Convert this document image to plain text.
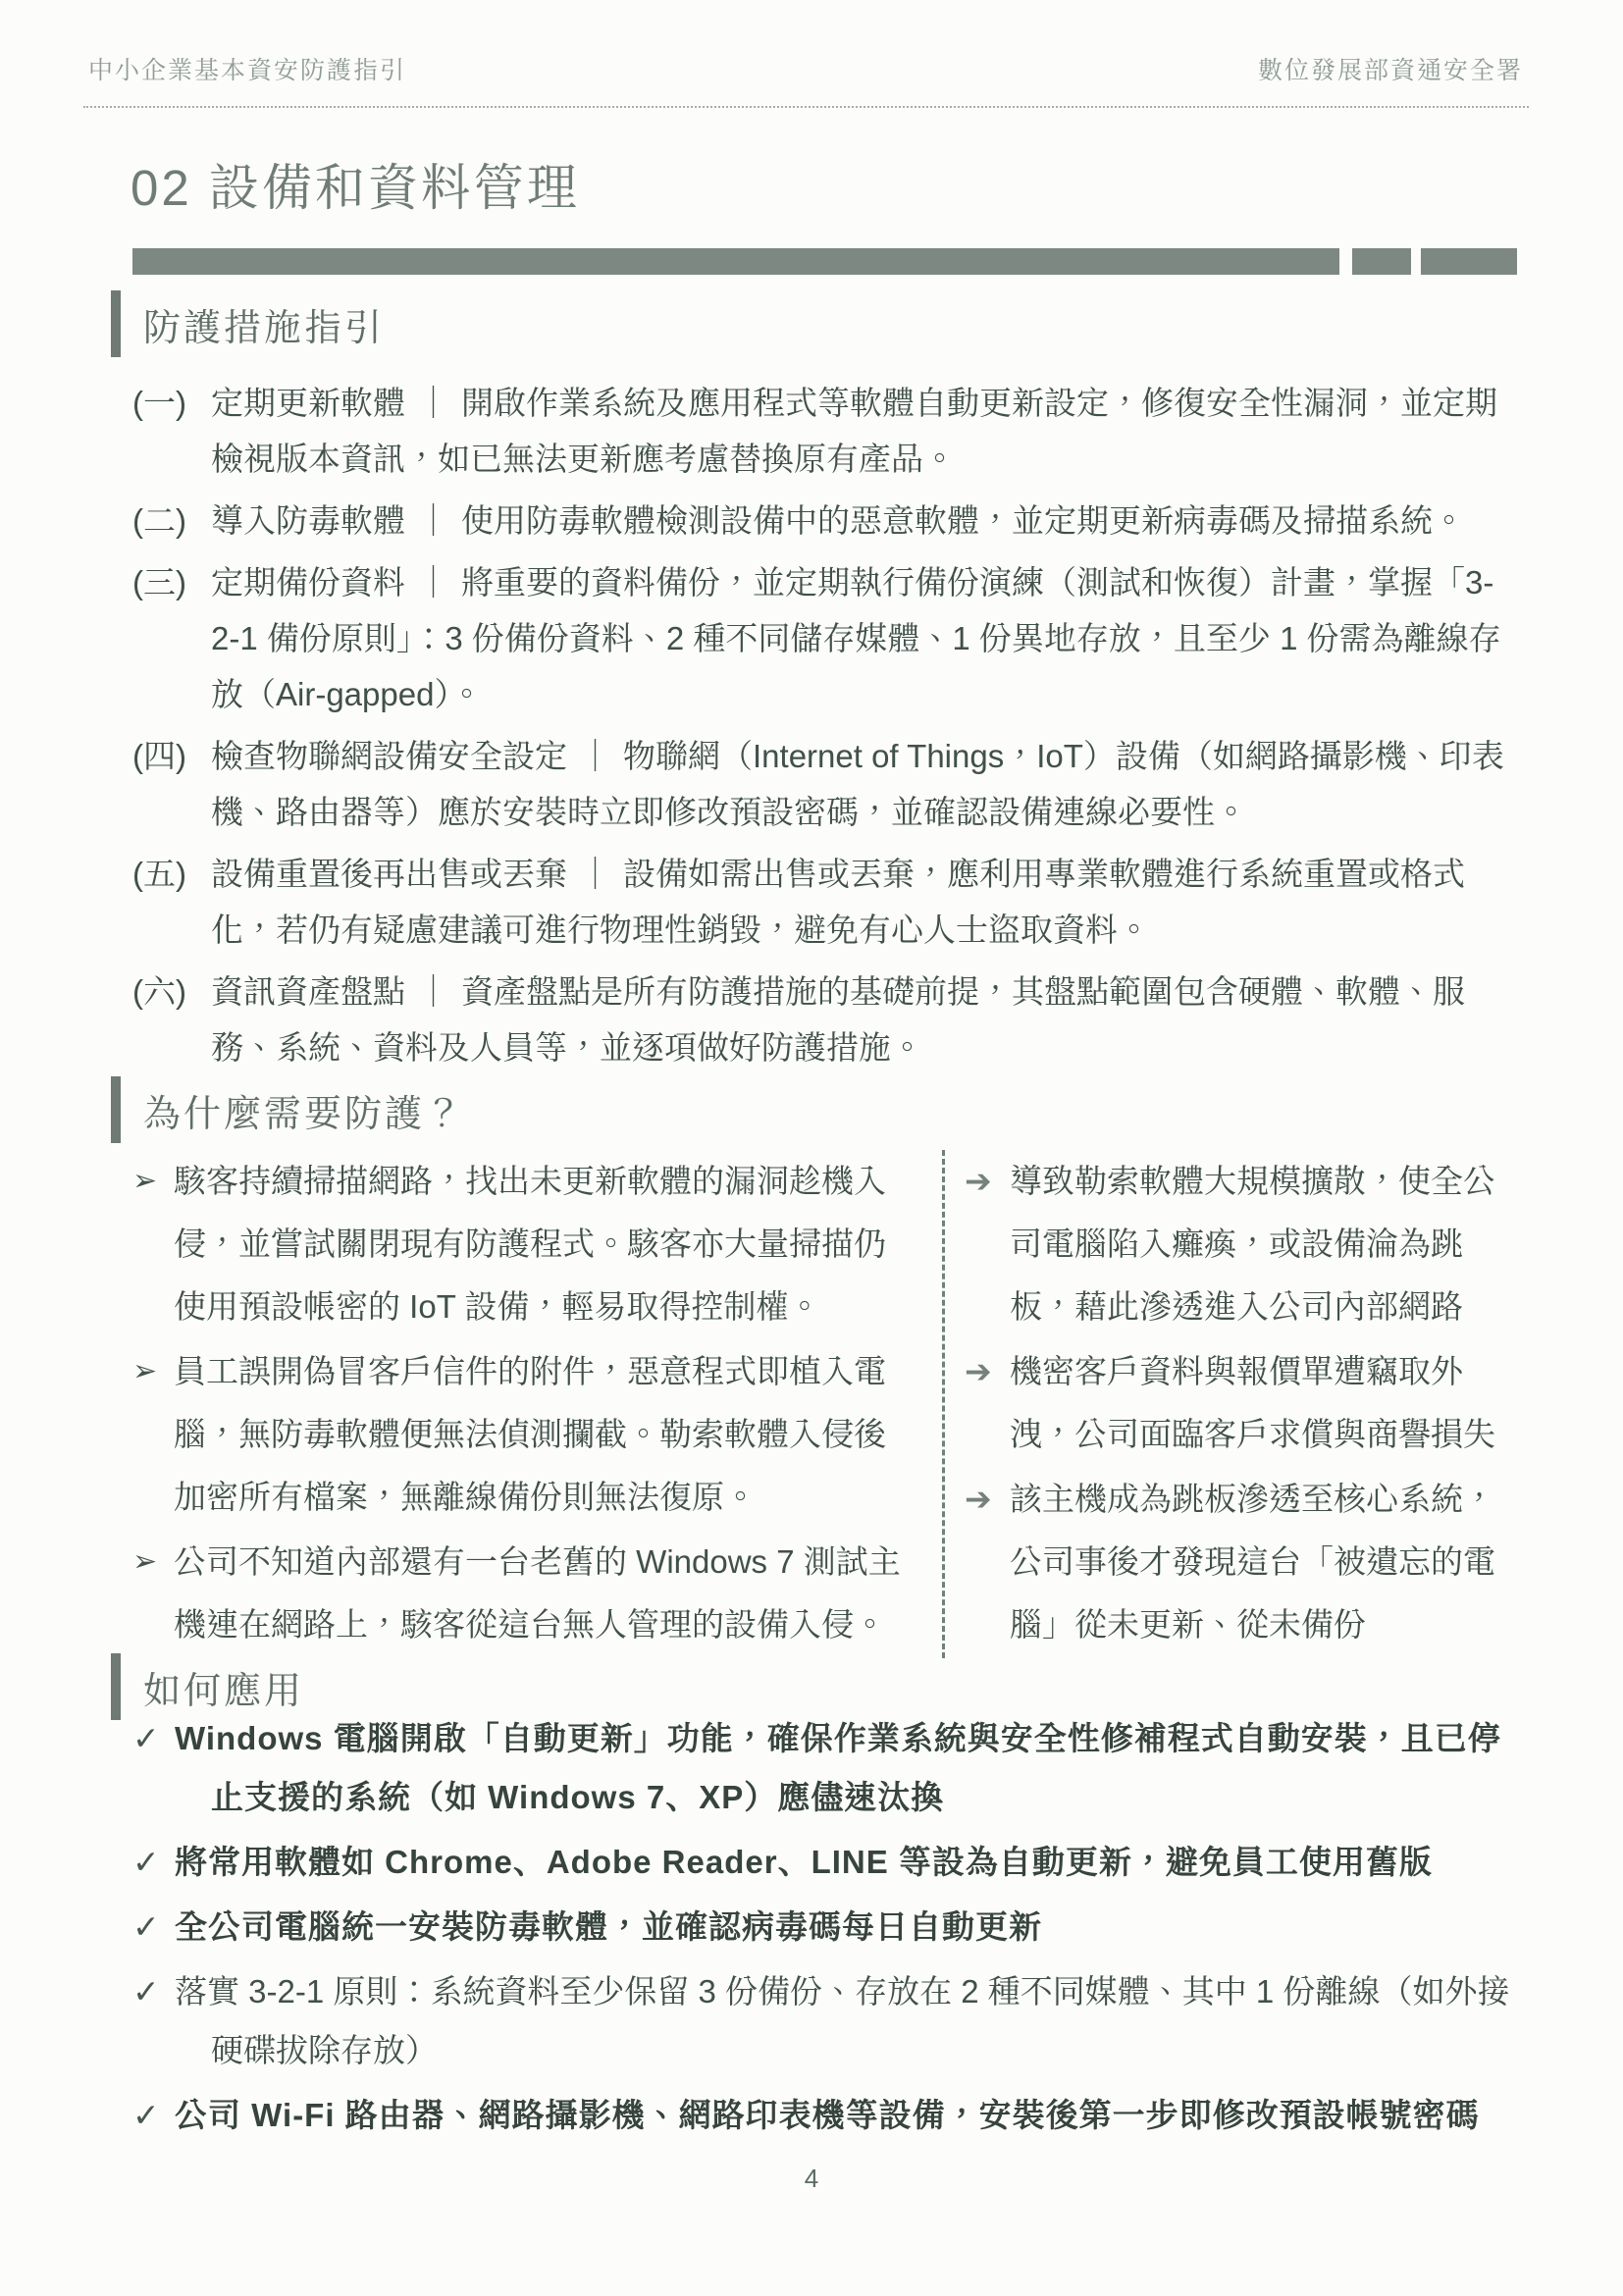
中小企業基本資安防護指引	數位發展部資通安全署
02 設備和資料管理
防護措施指引
(一) 定期更新軟體 ｜ 開啟作業系統及應用程式等軟體自動更新設定，修復安全性漏洞，並定期檢視版本資訊，如已無法更新應考慮替換原有產品。
(二) 導入防毒軟體 ｜ 使用防毒軟體檢測設備中的惡意軟體，並定期更新病毒碼及掃描系統。
(三) 定期備份資料 ｜ 將重要的資料備份，並定期執行備份演練（測試和恢復）計畫，掌握「3-2-1 備份原則」：3 份備份資料、2 種不同儲存媒體、1 份異地存放，且至少 1 份需為離線存放（Air-gapped）。
(四) 檢查物聯網設備安全設定 ｜ 物聯網（Internet of Things，IoT）設備（如網路攝影機、印表機、路由器等）應於安裝時立即修改預設密碼，並確認設備連線必要性。
(五) 設備重置後再出售或丟棄 ｜ 設備如需出售或丟棄，應利用專業軟體進行系統重置或格式化，若仍有疑慮建議可進行物理性銷毀，避免有心人士盜取資料。
(六) 資訊資產盤點 ｜ 資產盤點是所有防護措施的基礎前提，其盤點範圍包含硬體、軟體、服務、系統、資料及人員等，並逐項做好防護措施。
為什麼需要防護？
➢ 駭客持續掃描網路，找出未更新軟體的漏洞趁機入侵，並嘗試關閉現有防護程式。駭客亦大量掃描仍使用預設帳密的 IoT 設備，輕易取得控制權。
➢ 員工誤開偽冒客戶信件的附件，惡意程式即植入電腦，無防毒軟體便無法偵測攔截。勒索軟體入侵後加密所有檔案，無離線備份則無法復原。
➢ 公司不知道內部還有一台老舊的 Windows 7 測試主機連在網路上，駭客從這台無人管理的設備入侵。
➔ 導致勒索軟體大規模擴散，使全公司電腦陷入癱瘓，或設備淪為跳板，藉此滲透進入公司內部網路
➔ 機密客戶資料與報價單遭竊取外洩，公司面臨客戶求償與商譽損失
➔ 該主機成為跳板滲透至核心系統，公司事後才發現這台「被遺忘的電腦」從未更新、從未備份
如何應用
✓ Windows 電腦開啟「自動更新」功能，確保作業系統與安全性修補程式自動安裝，且已停止支援的系統（如 Windows 7、XP）應儘速汰換
✓ 將常用軟體如 Chrome、Adobe Reader、LINE 等設為自動更新，避免員工使用舊版
✓ 全公司電腦統一安裝防毒軟體，並確認病毒碼每日自動更新
✓ 落實 3-2-1 原則：系統資料至少保留 3 份備份、存放在 2 種不同媒體、其中 1 份離線（如外接硬碟拔除存放）
✓ 公司 Wi-Fi 路由器、網路攝影機、網路印表機等設備，安裝後第一步即修改預設帳號密碼
4
